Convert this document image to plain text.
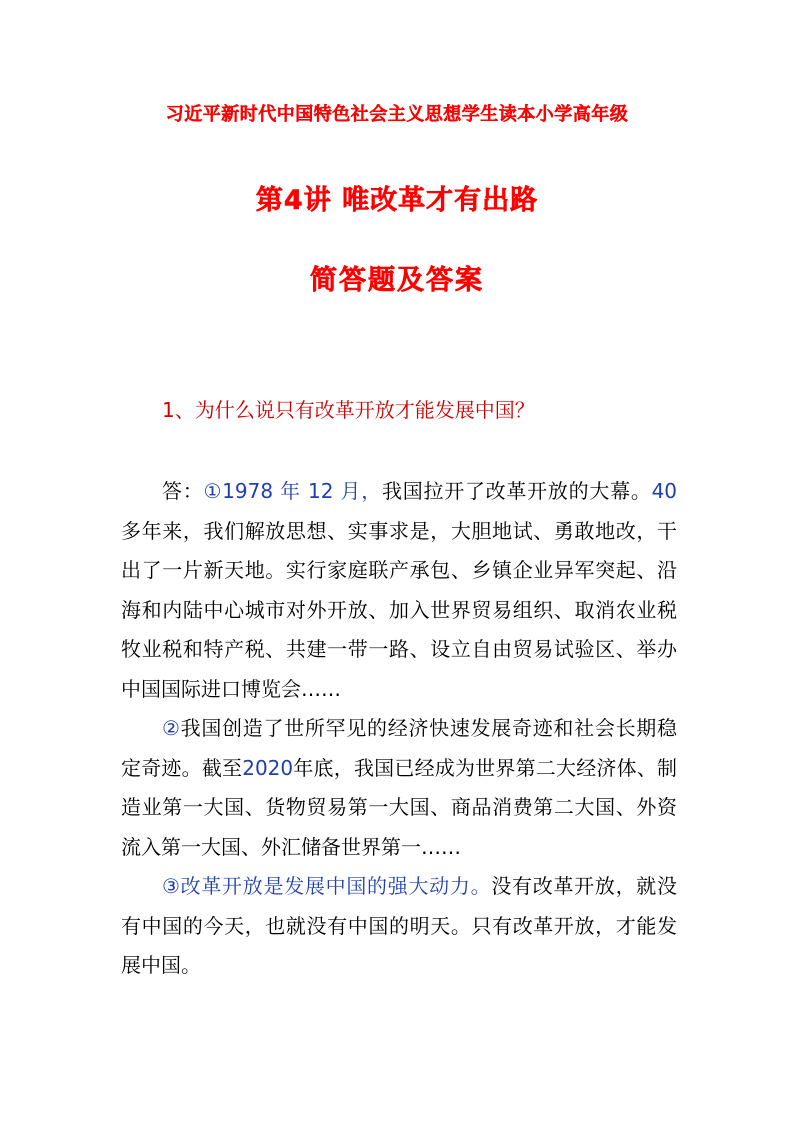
习近平新时代中国特色社会主义思想学生读本小学高年级
第4讲 唯改革才有出路
简答题及答案
1、为什么说只有改革开放才能发展中国？

答：①1978 年 12 月，我国拉开了改革开放的大幕。40多年来，我们解放思想、实事求是，大胆地试、勇敢地改，干出了一片新天地。实行家庭联产承包、乡镇企业异军突起、沿海和内陆中心城市对外开放、加入世界贸易组织、取消农业税牧业税和特产税、共建一带一路、设立自由贸易试验区、举办中国国际进口博览会……

②我国创造了世所罕见的经济快速发展奇迹和社会长期稳定奇迹。截至2020年底，我国已经成为世界第二大经济体、制造业第一大国、货物贸易第一大国、商品消费第二大国、外资流入第一大国、外汇储备世界第一……

③改革开放是发展中国的强大动力。没有改革开放，就没有中国的今天，也就没有中国的明天。只有改革开放，才能发展中国。
